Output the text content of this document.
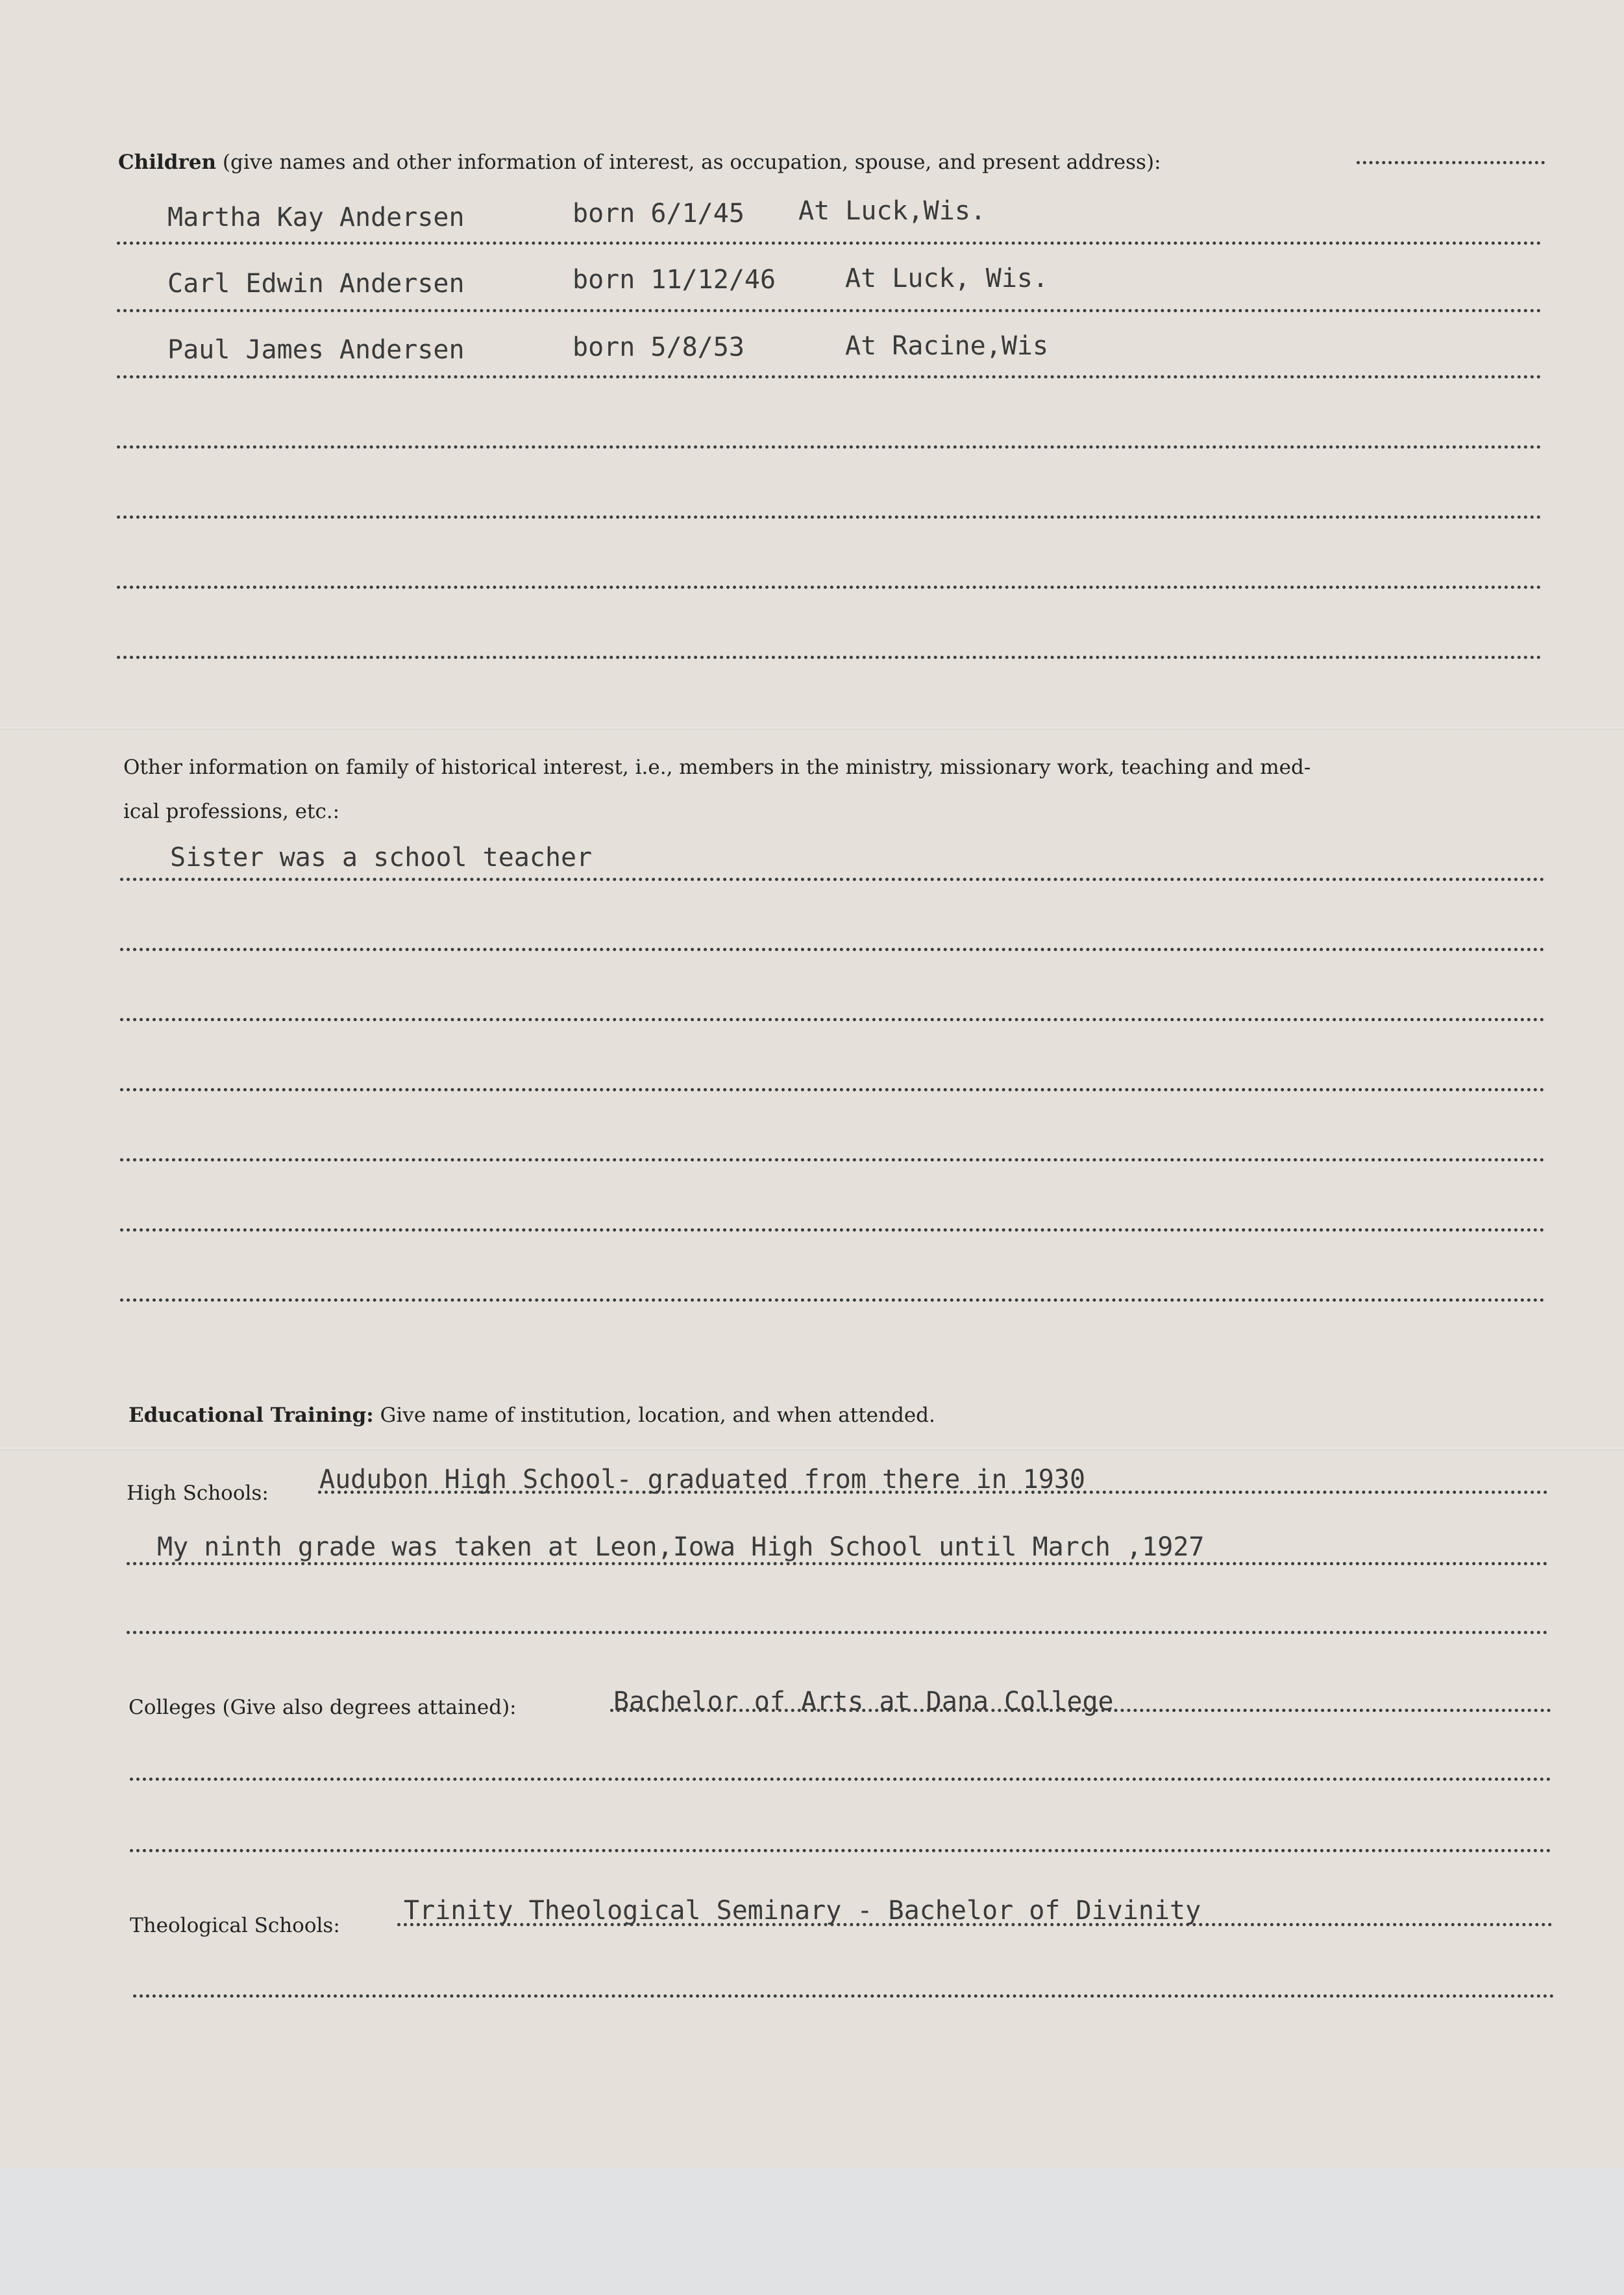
Children (give names and other information of interest, as occupation, spouse, and present address):
Martha Kay Andersen	born 6/1/45 At Luck,Wis.
Carl Edwin Andersen	born 11/12/46	At Luck, Wis.
Paul James Andersen	born 5/8/53	At Racine,Wis
Other information on family of historical interest, i.e., members in the ministry, missionary work, teaching and med-
ical professions, etc.:
Sister was a school teacher
Educational Training: Give name of institution, location, and when attended.
High Schools: Audubon High School- graduated from there in 1930
My ninth grade was taken at Leon,Iowa High School until March ,1927
Colleges (Give also degrees attained):	Bachelor of Arts at Dana College
Theological Schools: Trinity Theological Seminary - Bachelor of Divinity
